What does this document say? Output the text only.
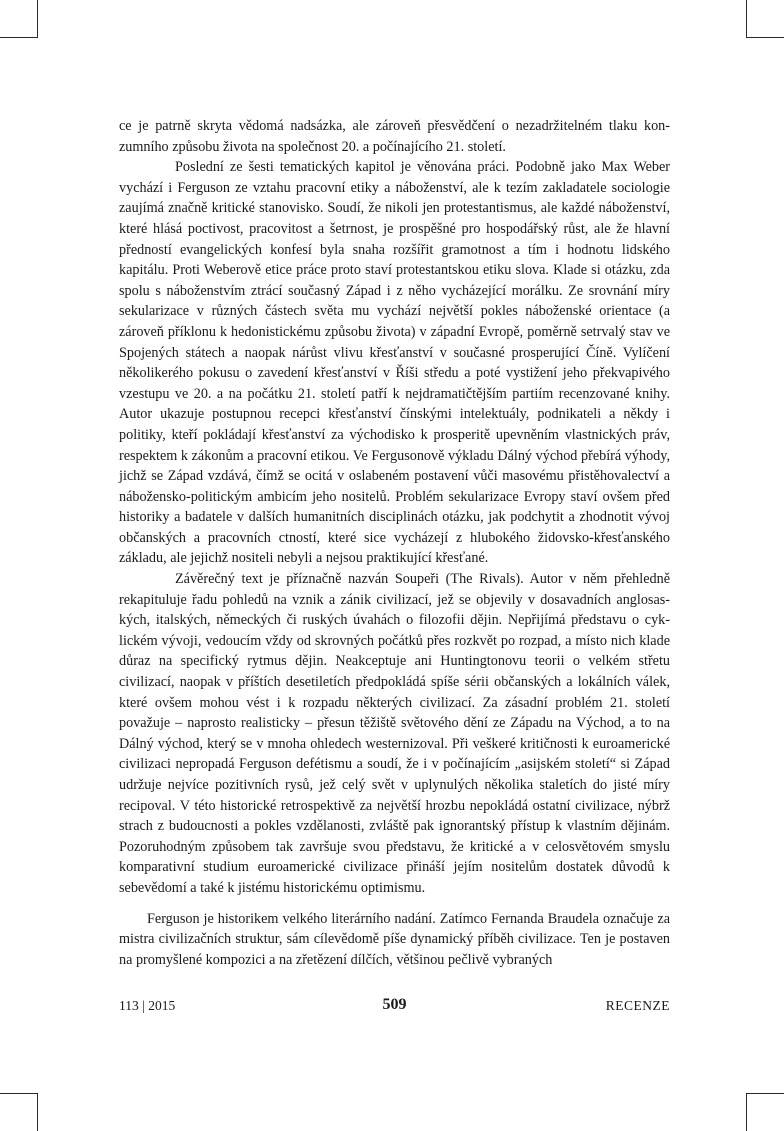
ce je patrně skryta vědomá nadsázka, ale zároveň přesvědčení o nezadržitelném tlaku konzumního způsobu života na společnost 20. a počínajícího 21. století.

Poslední ze šesti tematických kapitol je věnována práci. Podobně jako Max Weber vychází i Ferguson ze vztahu pracovní etiky a náboženství, ale k tezím zakladatele sociologie zaujímá značně kritické stanovisko. Soudí, že nikoli jen protestantismus, ale každé náboženství, které hlásá poctivost, pracovitost a šetrnost, je prospěšné pro hospodářský růst, ale že hlavní předností evangelických konfesí byla snaha rozšířit gramotnost a tím i hodnotu lidského kapitálu. Proti Weberově etice práce proto staví protestantskou etiku slova. Klade si otázku, zda spolu s náboženstvím ztrácí současný Západ i z něho vycházející morálku. Ze srovnání míry sekularizace v různých částech světa mu vychází největší pokles náboženské orientace (a zároveň příklonu k hedonistickému způsobu života) v západní Evropě, poměrně setrvalý stav ve Spojených státech a naopak nárůst vlivu křesťanství v současné prosperující Číně. Vylíčení několikerého pokusu o zavedení křesťanství v Říši středu a poté vystižení jeho překvapivého vzestupu ve 20. a na počátku 21. století patří k nejdramatičtějším partiím recenzované knihy. Autor ukazuje postupnou recepci křesťanství čínskými intelektuály, podnikateli a někdy i politiky, kteří pokládají křesťanství za východisko k prosperitě upevněním vlastnických práv, respektem k zákonům a pracovní etikou. Ve Fergusonově výkladu Dálný východ přebírá výhody, jichž se Západ vzdává, čímž se ocitá v oslabeném postavení vůči masovému přistěhovalectví a nábožensko-politickým ambicím jeho nositelů. Problém sekularizace Evropy staví ovšem před historiky a badatele v dalších humanitních disciplinách otázku, jak podchytit a zhodnotit vývoj občanských a pracovních ctností, které sice vycházejí z hlubokého židovsko-křesťanského základu, ale jejichž nositeli nebyli a nejsou praktikující křesťané.

Závěrečný text je příznačně nazván Soupeři (The Rivals). Autor v něm přehledně rekapituluje řadu pohledů na vznik a zánik civilizací, jež se objevily v dosavadních anglosaských, italských, německých či ruských úvahách o filozofii dějin. Nepřijímá představu o cyklickém vývoji, vedoucím vždy od skrovných počátků přes rozkvět po rozpad, a místo nich klade důraz na specifický rytmus dějin. Neakceptuje ani Huntingtonovu teorii o velkém střetu civilizací, naopak v příštích desetiletích předpokládá spíše sérii občanských a lokálních válek, které ovšem mohou vést i k rozpadu některých civilizací. Za zásadní problém 21. století považuje – naprosto realisticky – přesun těžiště světového dění ze Západu na Východ, a to na Dálný východ, který se v mnoha ohledech westernizoval. Při veškeré kritičnosti k euroamerické civilizaci nepropadá Ferguson defétismu a soudí, že i v počínajícím „asijském století“ si Západ udržuje nejvíce pozitivních rysů, jež celý svět v uplynulých několika staletích do jisté míry recipoval. V této historické retrospektivě za největší hrozbu nepokládá ostatní civilizace, nýbrž strach z budoucnosti a pokles vzdělanosti, zvláště pak ignorantský přístup k vlastním dějinám. Pozoruhodným způsobem tak završuje svou představu, že kritické a v celosvětovém smyslu komparativní studium euroamerické civilizace přináší jejím nositelům dostatek důvodů k sebevědomí a také k jistému historickému optimismu.

Ferguson je historikem velkého literárního nadání. Zatímco Fernanda Braudela označuje za mistra civilizačních struktur, sám cílevědomě píše dynamický příběh civilizace. Ten je postaven na promyšlené kompozici a na zřetězení dílčích, většinou pečlivě vybraných

113 | 2015	509	RECENZE
